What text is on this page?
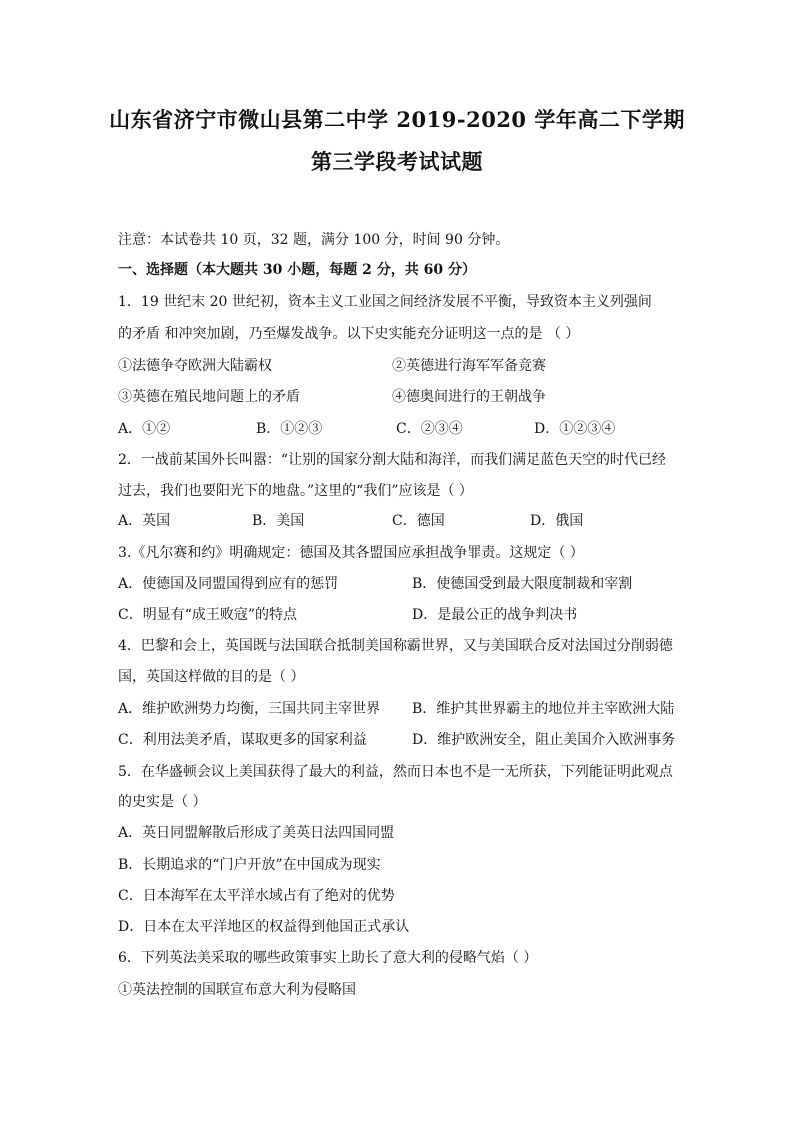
山东省济宁市微山县第二中学 2019-2020 学年高二下学期
第三学段考试试题
注意：本试卷共 10 页，32 题，满分 100 分，时间 90 分钟。
一、选择题（本大题共 30 小题，每题 2 分，共 60 分）
1．19 世纪末 20 世纪初，资本主义工业国之间经济发展不平衡，导致资本主义列强间
的矛盾 和冲突加剧，乃至爆发战争。以下史实能充分证明这一点的是 （ ）
①法德争夺欧洲大陆霸权	②英德进行海军军备竞赛
③英德在殖民地问题上的矛盾	④德奥间进行的王朝战争
A．①②	B．①②③	C．②③④	D．①②③④
2．一战前某国外长叫嚣：“让别的国家分割大陆和海洋，而我们满足蓝色天空的时代已经
过去，我们也要阳光下的地盘。”这里的“我们”应该是（ ）
A．英国	B．美国	C．德国	D．俄国
3.《凡尔赛和约》明确规定：德国及其各盟国应承担战争罪责。这规定（ ）
A．使德国及同盟国得到应有的惩罚	B．使德国受到最大限度制裁和宰割
C．明显有“成王败寇”的特点	D．是最公正的战争判决书
4．巴黎和会上，英国既与法国联合抵制美国称霸世界，又与美国联合反对法国过分削弱德
国，英国这样做的目的是（ ）
A．维护欧洲势力均衡，三国共同主宰世界 B．维护其世界霸主的地位并主宰欧洲大陆
C．利用法美矛盾，谋取更多的国家利益	D．维护欧洲安全，阻止美国介入欧洲事务
5．在华盛顿会议上美国获得了最大的利益，然而日本也不是一无所获，下列能证明此观点
的史实是（ ）
A．英日同盟解散后形成了美英日法四国同盟
B．长期追求的“门户开放”在中国成为现实
C．日本海军在太平洋水域占有了绝对的优势
D．日本在太平洋地区的权益得到他国正式承认
6．下列英法美采取的哪些政策事实上助长了意大利的侵略气焰（ ）
①英法控制的国联宣布意大利为侵略国
